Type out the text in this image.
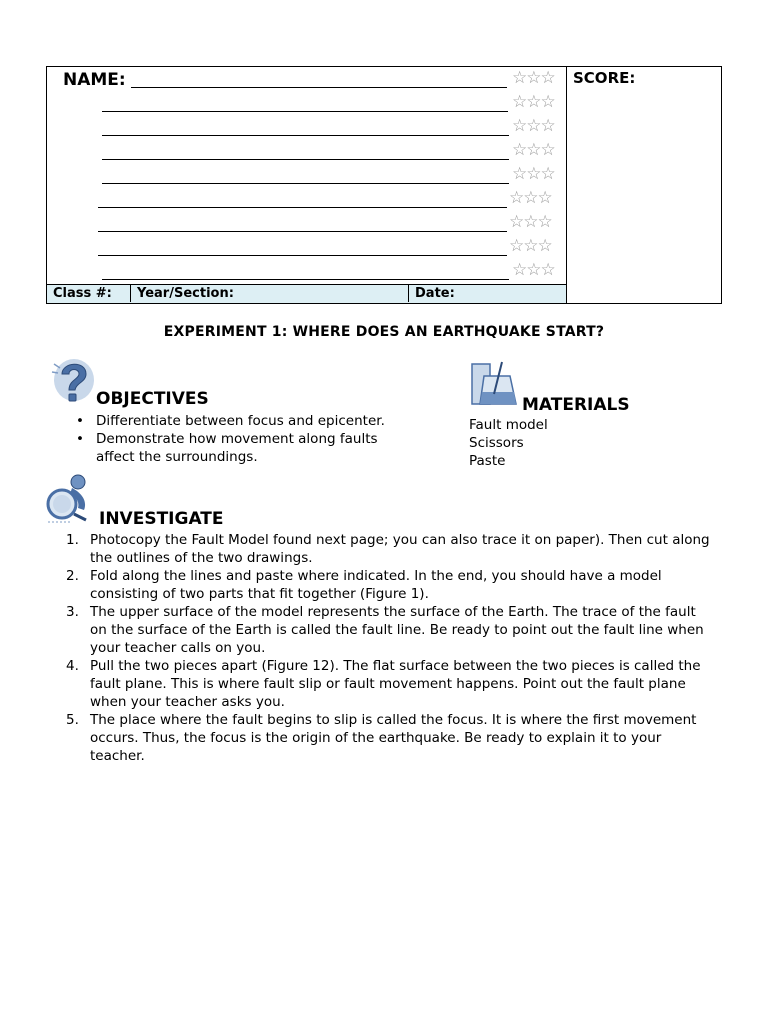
NAME:	☆☆☆
☆☆☆
☆☆☆
☆☆☆
☆☆☆
☆☆☆
☆☆☆
☆☆☆
☆☆☆
Class #:	Year/Section:	Date:
SCORE:
EXPERIMENT 1: WHERE DOES AN EARTHQUAKE START?
OBJECTIVES
• Differentiate between focus and epicenter.
• Demonstrate how movement along faults
affect the surroundings.
MATERIALS
Fault model
Scissors
Paste
INVESTIGATE
1. Photocopy the Fault Model found next page; you can also trace it on paper). Then cut along
the outlines of the two drawings.
2. Fold along the lines and paste where indicated. In the end, you should have a model
consisting of two parts that fit together (Figure 1).
3. The upper surface of the model represents the surface of the Earth. The trace of the fault
on the surface of the Earth is called the fault line. Be ready to point out the fault line when
your teacher calls on you.
4. Pull the two pieces apart (Figure 12). The flat surface between the two pieces is called the
fault plane. This is where fault slip or fault movement happens. Point out the fault plane
when your teacher asks you.
5. The place where the fault begins to slip is called the focus. It is where the first movement
occurs. Thus, the focus is the origin of the earthquake. Be ready to explain it to your
teacher.
